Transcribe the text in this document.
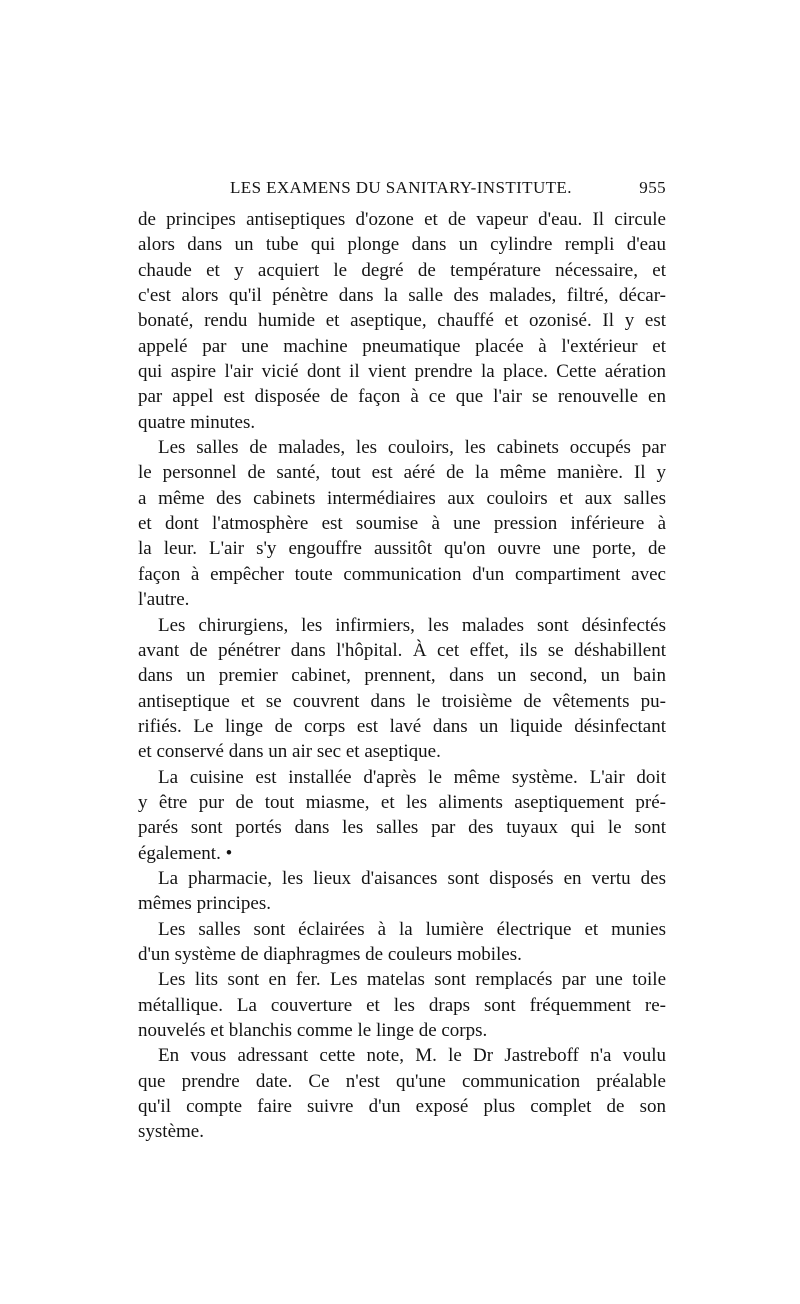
LES EXAMENS DU SANITARY-INSTITUTE.	955
de principes antiseptiques d'ozone et de vapeur d'eau. Il circule
alors dans un tube qui plonge dans un cylindre rempli d'eau
chaude et y acquiert le degré de température nécessaire, et
c'est alors qu'il pénètre dans la salle des malades, filtré, décar-
bonaté, rendu humide et aseptique, chauffé et ozonisé. Il y est
appelé par une machine pneumatique placée à l'extérieur et
qui aspire l'air vicié dont il vient prendre la place. Cette aération
par appel est disposée de façon à ce que l'air se renouvelle en
quatre minutes.
Les salles de malades, les couloirs, les cabinets occupés par
le personnel de santé, tout est aéré de la même manière. Il y
a même des cabinets intermédiaires aux couloirs et aux salles
et dont l'atmosphère est soumise à une pression inférieure à
la leur. L'air s'y engouffre aussitôt qu'on ouvre une porte, de
façon à empêcher toute communication d'un compartiment avec
l'autre.
Les chirurgiens, les infirmiers, les malades sont désinfectés
avant de pénétrer dans l'hôpital. À cet effet, ils se déshabillent
dans un premier cabinet, prennent, dans un second, un bain
antiseptique et se couvrent dans le troisième de vêtements pu-
rifiés. Le linge de corps est lavé dans un liquide désinfectant
et conservé dans un air sec et aseptique.
La cuisine est installée d'après le même système. L'air doit
y être pur de tout miasme, et les aliments aseptiquement pré-
parés sont portés dans les salles par des tuyaux qui le sont
également. •
La pharmacie, les lieux d'aisances sont disposés en vertu des
mêmes principes.
Les salles sont éclairées à la lumière électrique et munies
d'un système de diaphragmes de couleurs mobiles.
Les lits sont en fer. Les matelas sont remplacés par une toile
métallique. La couverture et les draps sont fréquemment re-
nouvelés et blanchis comme le linge de corps.
En vous adressant cette note, M. le Dr Jastreboff n'a voulu
que prendre date. Ce n'est qu'une communication préalable
qu'il compte faire suivre d'un exposé plus complet de son
système.
